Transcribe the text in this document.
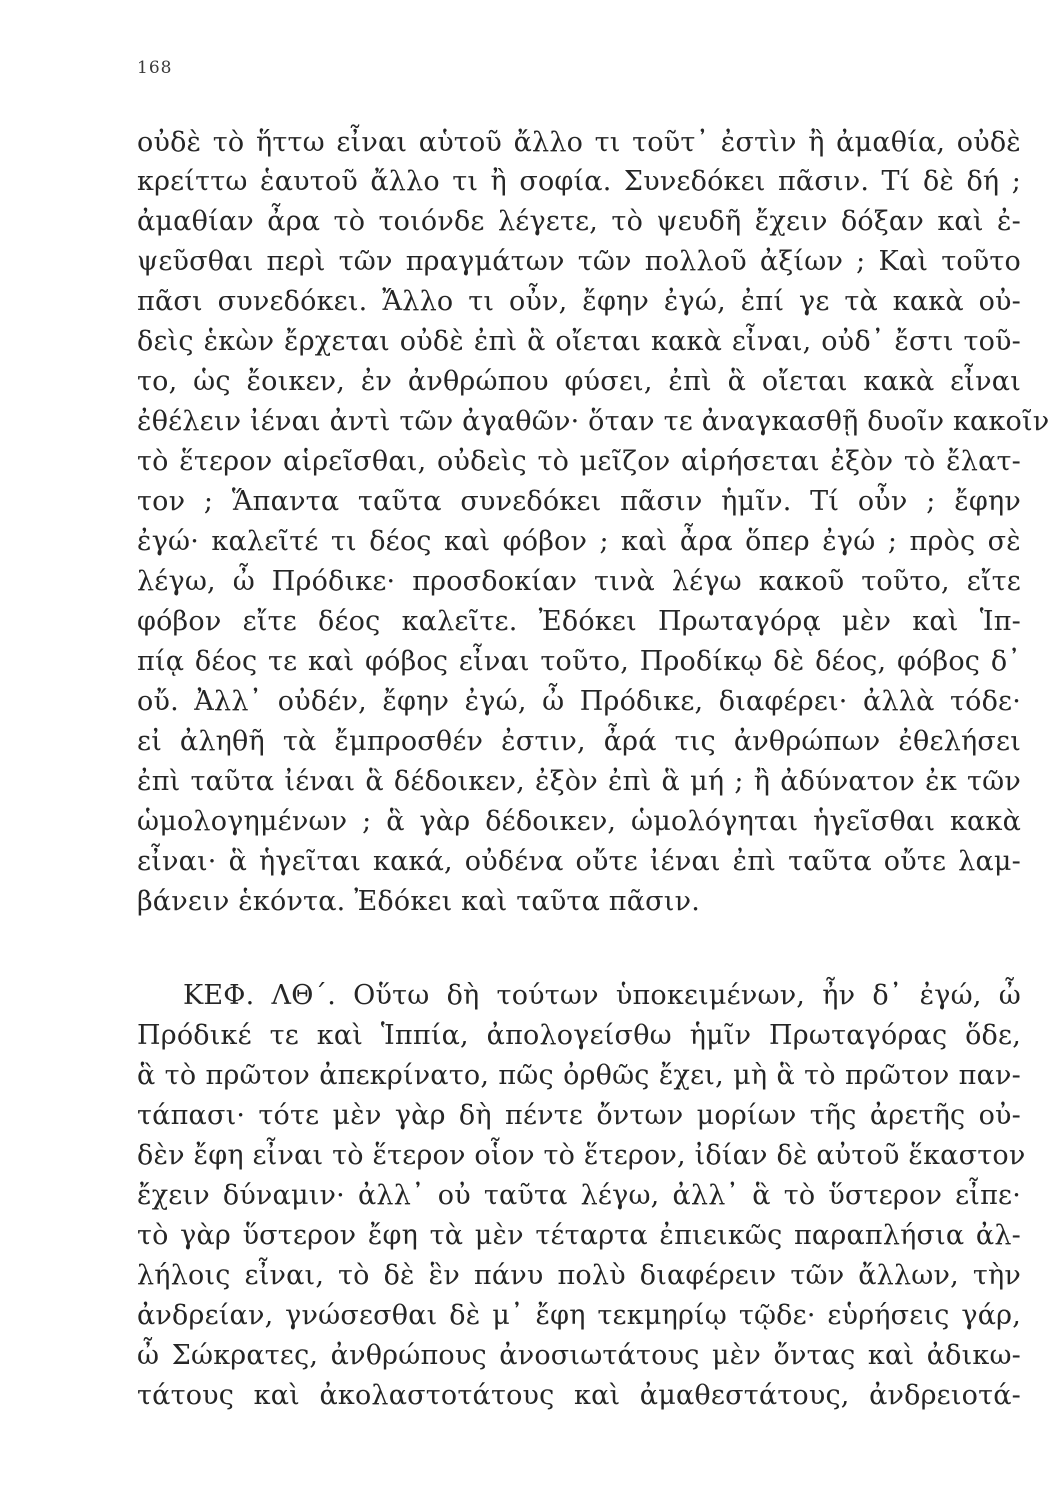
168
οὐδὲ τὸ ἥττω εἶναι αὑτοῦ ἄλλο τι τοῦτ᾽ ἐστὶν ἢ ἀμαθία, οὐδὲ
κρείττω ἑαυτοῦ ἄλλο τι ἢ σοφία. Συνεδόκει πᾶσιν. Τί δὲ δή ;
ἀμαθίαν ἆρα τὸ τοιόνδε λέγετε, τὸ ψευδῆ ἔχειν δόξαν καὶ ἐ-
ψεῦσθαι περὶ τῶν πραγμάτων τῶν πολλοῦ ἀξίων ; Καὶ τοῦτο
πᾶσι συνεδόκει. Ἄλλο τι οὖν, ἔφην ἐγώ, ἐπί γε τὰ κακὰ οὐ-
δεὶς ἑκὼν ἔρχεται οὐδὲ ἐπὶ ἃ οἴεται κακὰ εἶναι, οὐδ᾽ ἔστι τοῦ-
το, ὡς ἔοικεν, ἐν ἀνθρώπου φύσει, ἐπὶ ἃ οἴεται κακὰ εἶναι
ἐθέλειν ἰέναι ἀντὶ τῶν ἀγαθῶν· ὅταν τε ἀναγκασθῇ δυοῖν κακοῖν
τὸ ἕτερον αἱρεῖσθαι, οὐδεὶς τὸ μεῖζον αἱρήσεται ἐξὸν τὸ ἔλατ-
τον ; Ἅπαντα ταῦτα συνεδόκει πᾶσιν ἡμῖν. Τί οὖν ; ἔφην
ἐγώ· καλεῖτέ τι δέος καὶ φόβον ; καὶ ἆρα ὅπερ ἐγώ ; πρὸς σὲ
λέγω, ὦ Πρόδικε· προσδοκίαν τινὰ λέγω κακοῦ τοῦτο, εἴτε
φόβον εἴτε δέος καλεῖτε. Ἐδόκει Πρωταγόρᾳ μὲν καὶ Ἱπ-
πίᾳ δέος τε καὶ φόβος εἶναι τοῦτο, Προδίκῳ δὲ δέος, φόβος δ᾽
οὔ. Ἀλλ᾽ οὐδέν, ἔφην ἐγώ, ὦ Πρόδικε, διαφέρει· ἀλλὰ τόδε·
εἰ ἀληθῆ τὰ ἔμπροσθέν ἐστιν, ἆρά τις ἀνθρώπων ἐθελήσει
ἐπὶ ταῦτα ἰέναι ἃ δέδοικεν, ἐξὸν ἐπὶ ἃ μή ; ἢ ἀδύνατον ἐκ τῶν
ὡμολογημένων ; ἃ γὰρ δέδοικεν, ὡμολόγηται ἡγεῖσθαι κακὰ
εἶναι· ἃ ἡγεῖται κακά, οὐδένα οὔτε ἰέναι ἐπὶ ταῦτα οὔτε λαμ-
βάνειν ἑκόντα. Ἐδόκει καὶ ταῦτα πᾶσιν.
ΚΕΦ. ΛΘ΄. Οὕτω δὴ τούτων ὑποκειμένων, ἦν δ᾽ ἐγώ, ὦ
Πρόδικέ τε καὶ Ἱππία, ἀπολογείσθω ἡμῖν Πρωταγόρας ὅδε,
ἃ τὸ πρῶτον ἀπεκρίνατο, πῶς ὀρθῶς ἔχει, μὴ ἃ τὸ πρῶτον παν-
τάπασι· τότε μὲν γὰρ δὴ πέντε ὄντων μορίων τῆς ἀρετῆς οὐ-
δὲν ἔφη εἶναι τὸ ἕτερον οἷον τὸ ἕτερον, ἰδίαν δὲ αὐτοῦ ἕκαστον
ἔχειν δύναμιν· ἀλλ᾽ οὐ ταῦτα λέγω, ἀλλ᾽ ἃ τὸ ὕστερον εἶπε·
τὸ γὰρ ὕστερον ἔφη τὰ μὲν τέταρτα ἐπιεικῶς παραπλήσια ἀλ-
λήλοις εἶναι, τὸ δὲ ἓν πάνυ πολὺ διαφέρειν τῶν ἄλλων, τὴν
ἀνδρείαν, γνώσεσθαι δὲ μ᾽ ἔφη τεκμηρίῳ τῷδε· εὑρήσεις γάρ,
ὦ Σώκρατες, ἀνθρώπους ἀνοσιωτάτους μὲν ὄντας καὶ ἀδικω-
τάτους καὶ ἀκολαστοτάτους καὶ ἀμαθεστάτους, ἀνδρειοτά-
